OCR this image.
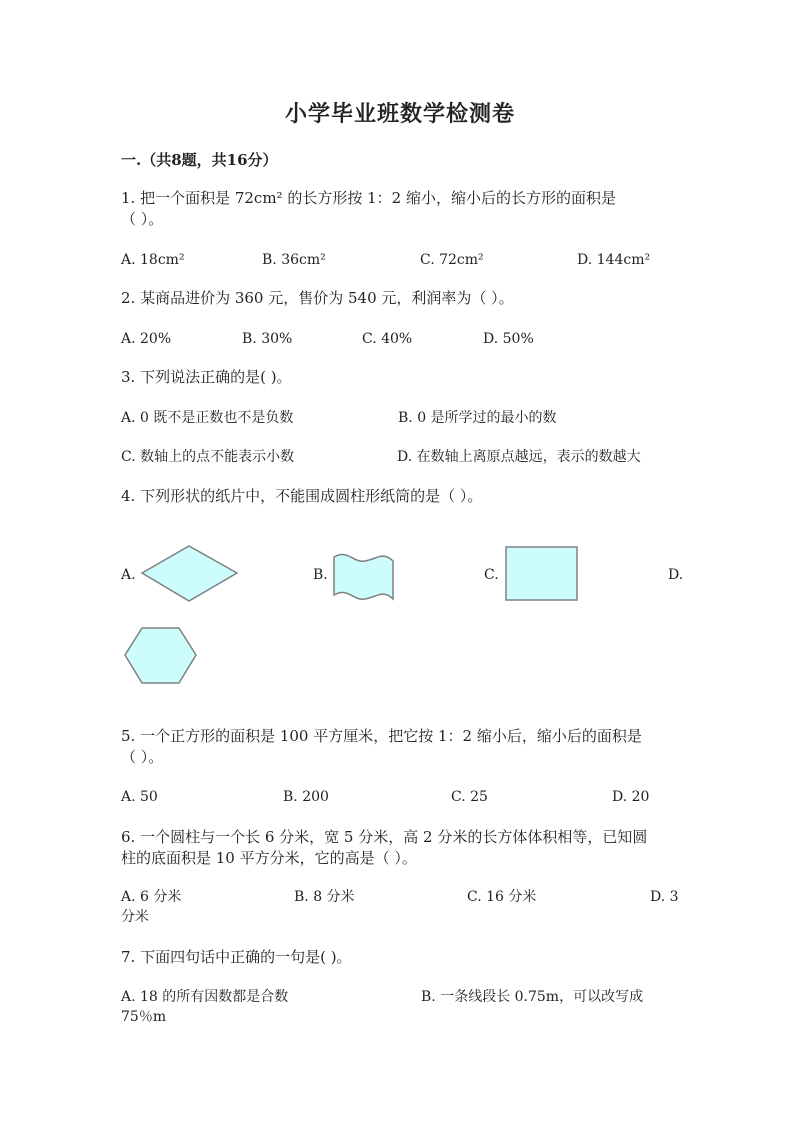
小学毕业班数学检测卷
一.（共8题，共16分）
1. 把一个面积是 72cm² 的长方形按 1：2 缩小，缩小后的长方形的面积是
（ ）。
A. 18cm²	B. 36cm²	C. 72cm²	D. 144cm²
2. 某商品进价为 360 元，售价为 540 元，利润率为（ ）。
A. 20%	B. 30%	C. 40%	D. 50%
3. 下列说法正确的是( )。
A. 0 既不是正数也不是负数	B. 0 是所学过的最小的数
C. 数轴上的点不能表示小数	D. 在数轴上离原点越远，表示的数越大
4. 下列形状的纸片中，不能围成圆柱形纸筒的是（ ）。
A.	B.	C.	D.
5. 一个正方形的面积是 100 平方厘米，把它按 1：2 缩小后，缩小后的面积是
（ ）。
A. 50	B. 200	C. 25	D. 20
6. 一个圆柱与一个长 6 分米，宽 5 分米，高 2 分米的长方体体积相等，已知圆
柱的底面积是 10 平方分米，它的高是（ ）。
A. 6 分米	B. 8 分米	C. 16 分米	D. 3
分米
7. 下面四句话中正确的一句是( )。
A. 18 的所有因数都是合数	B. 一条线段长 0.75m，可以改写成
75％m
